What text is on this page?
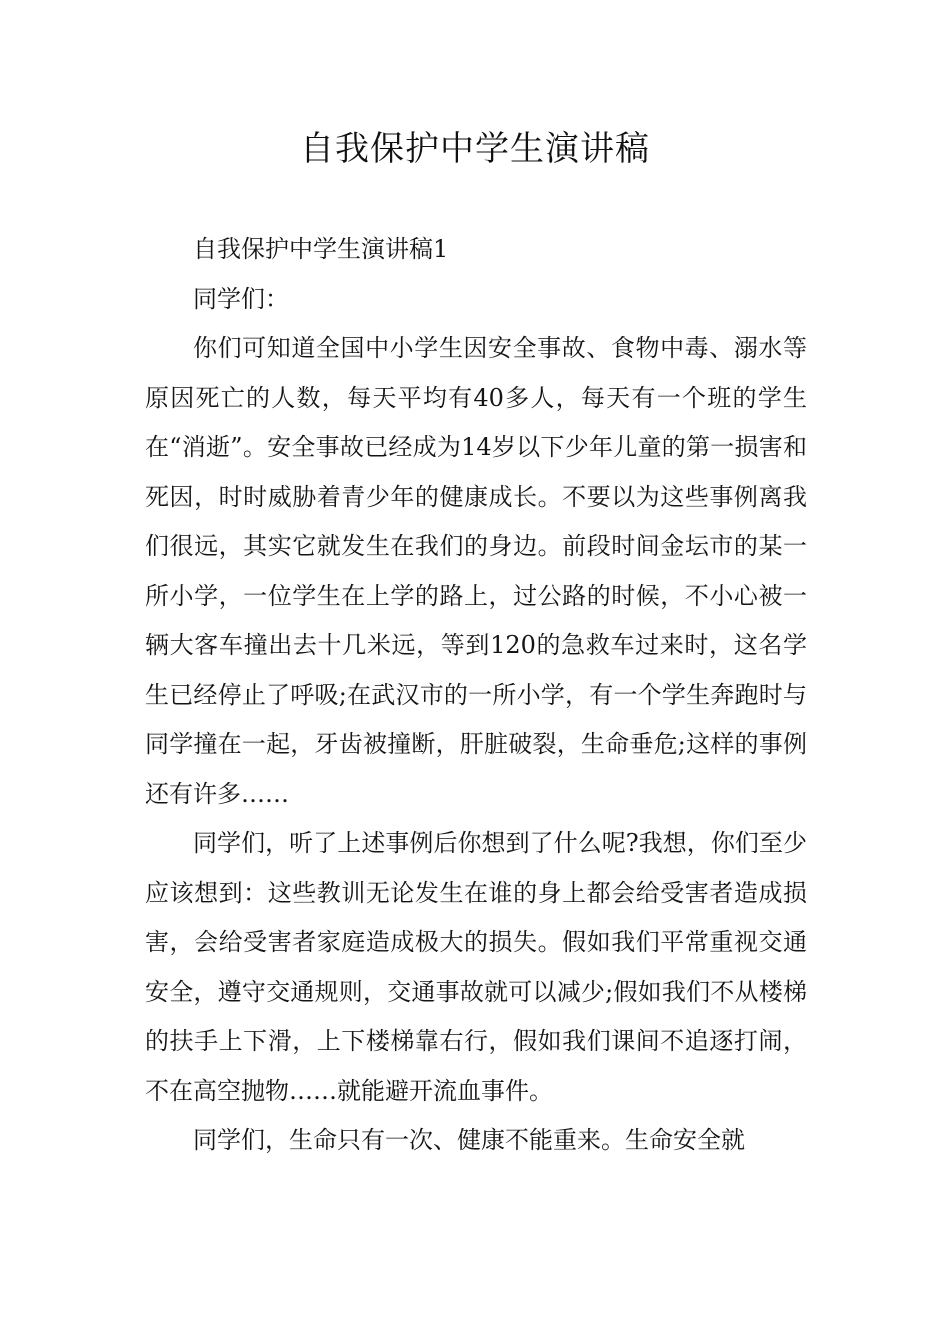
自我保护中学生演讲稿

自我保护中学生演讲稿1

同学们：

你们可知道全国中小学生因安全事故、食物中毒、溺水等原因死亡的人数，每天平均有40多人，每天有一个班的学生在“消逝”。安全事故已经成为14岁以下少年儿童的第一损害和死因，时时威胁着青少年的健康成长。不要以为这些事例离我们很远，其实它就发生在我们的身边。前段时间金坛市的某一所小学，一位学生在上学的路上，过公路的时候，不小心被一辆大客车撞出去十几米远，等到120的急救车过来时，这名学生已经停止了呼吸;在武汉市的一所小学，有一个学生奔跑时与同学撞在一起，牙齿被撞断，肝脏破裂，生命垂危;这样的事例还有许多……

同学们，听了上述事例后你想到了什么呢?我想，你们至少应该想到：这些教训无论发生在谁的身上都会给受害者造成损害，会给受害者家庭造成极大的损失。假如我们平常重视交通安全，遵守交通规则，交通事故就可以减少;假如我们不从楼梯的扶手上下滑，上下楼梯靠右行，假如我们课间不追逐打闹，不在高空抛物……就能避开流血事件。

同学们，生命只有一次、健康不能重来。生命安全就
